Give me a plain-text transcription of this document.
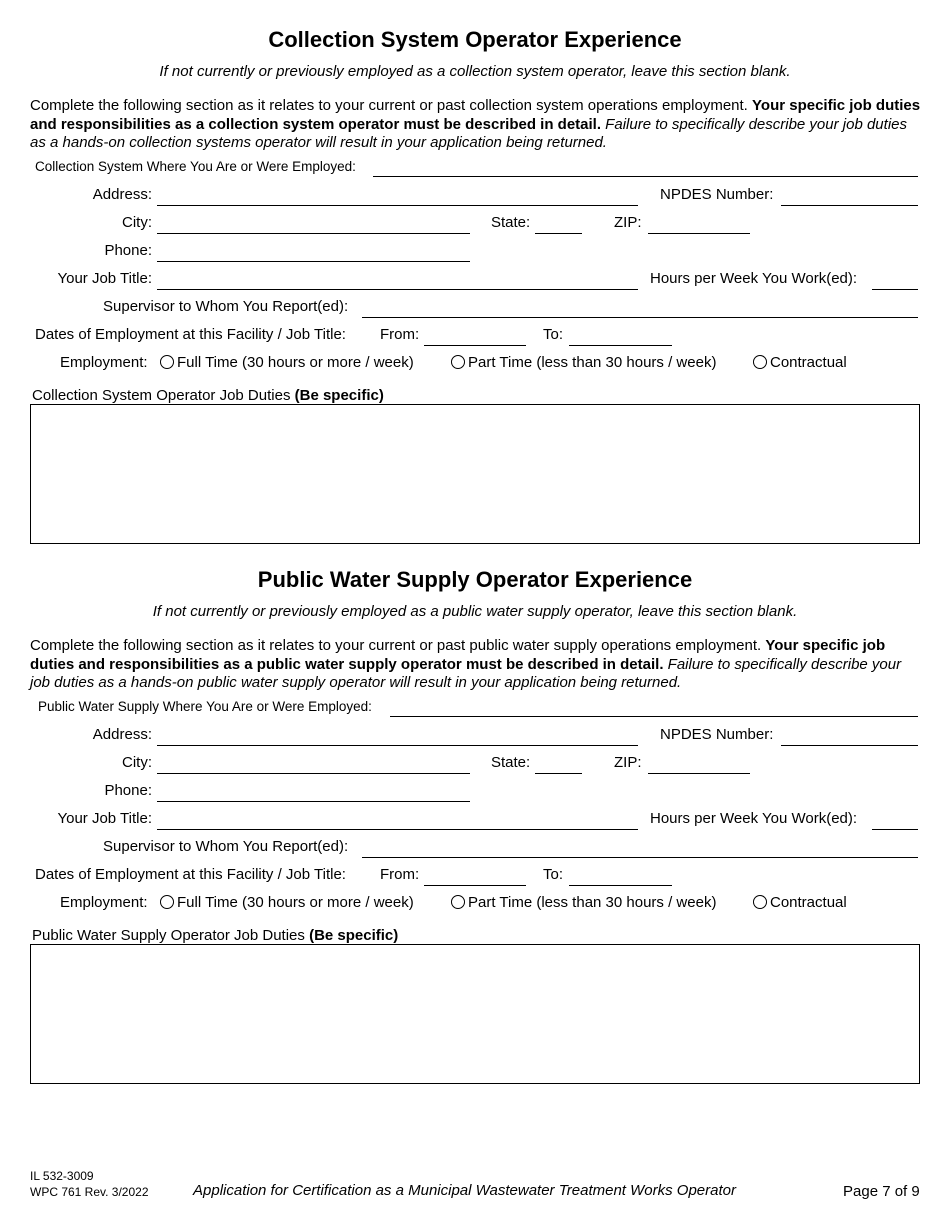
Collection System Operator Experience
If not currently or previously employed as a collection system operator, leave this section blank.
Complete the following section as it relates to your current or past collection system operations employment. Your specific job duties and responsibilities as a collection system operator must be described in detail. Failure to specifically describe your job duties as a hands-on collection systems operator will result in your application being returned.
Collection System Where You Are or Were Employed:
Address:	NPDES Number:
City:	State:	ZIP:
Phone:
Your Job Title:	Hours per Week You Work(ed):
Supervisor to Whom You Report(ed):
Dates of Employment at this Facility / Job Title: From:	To:
Employment:	Full Time (30 hours or more / week)	Part Time (less than 30 hours / week)	Contractual
Collection System Operator Job Duties (Be specific)
Public Water Supply Operator Experience
If not currently or previously employed as a public water supply operator, leave this section blank.
Complete the following section as it relates to your current or past public water supply operations employment. Your specific job duties and responsibilities as a public water supply operator must be described in detail. Failure to specifically describe your job duties as a hands-on public water supply operator will result in your application being returned.
Public Water Supply Where You Are or Were Employed:
Address:	NPDES Number:
City:	State:	ZIP:
Phone:
Your Job Title:	Hours per Week You Work(ed):
Supervisor to Whom You Report(ed):
Dates of Employment at this Facility / Job Title: From:	To:
Employment:	Full Time (30 hours or more / week)	Part Time (less than 30 hours / week)	Contractual
Public Water Supply Operator Job Duties (Be specific)
IL 532-3009
WPC 761 Rev. 3/2022	Application for Certification as a Municipal Wastewater Treatment Works Operator	Page 7 of 9
